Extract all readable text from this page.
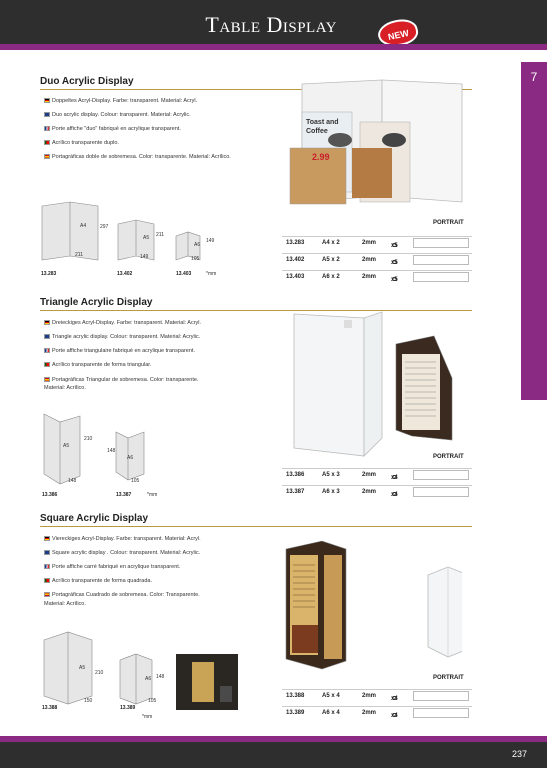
Table Display	NEW
7
Duo Acrylic Display
Doppeltes Acryl-Display. Farbe: transparent. Material: Acryl.
Duo acrylic display. Colour: transparent. Material: Acrylic.
Porte affiche "duo" fabriqué en acrylique transparent.
Acrílico transparente duplo.
Portagráficas doble de sobremesa. Color: transparente. Material: Acrílico.
Toast and
Coffee
2.99
A4
A5
A6
297
211
211
149
149
105
13.283	13.402	13.403	*mm
PORTRAIT
13.283	A4 x 2	2mm x5
13.402	A5 x 2	2mm x5
13.403	A6 x 2	2mm x5
Triangle Acrylic Display
Dreieckiges Acryl-Display. Farbe: transparent. Material: Acryl.
Triangle acrylic display. Colour: transparent. Material: Acrylic.
Porte affiche triangulaire fabriqué en acrylique transparent.
Acrílico transparente de forma triangular.
Portagráficas Triangular de sobremesa. Color: transparente.
Material: Acrílico.
A5
A6
210
148
148
105
13.386	13.387	*mm
PORTRAIT
13.386	A5 x 3	2mm x4
13.387	A6 x 3	2mm x4
Square Acrylic Display
Viereckiges Acryl-Display. Farbe: transparent. Material: Acryl.
Square acrylic display . Colour: transparent. Material: Acrylic.
Porte affiche carré fabriqué en acrylique transparent.
Acrílico transparente de forma quadrada.
Portagráficas Cuadrado de sobremesa. Color: Transparente.
Material: Acrílico.
A5
A6
210
150
148
105
13.388	13.389
*mm
PORTRAIT
13.388	A5 x 4	2mm x4
13.389	A6 x 4	2mm x4
237
